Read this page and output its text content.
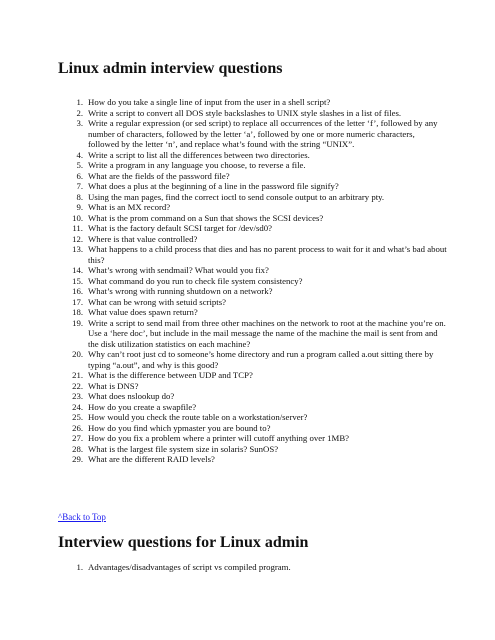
Linux admin interview questions
1. How do you take a single line of input from the user in a shell script?
2. Write a script to convert all DOS style backslashes to UNIX style slashes in a list of files.
3. Write a regular expression (or sed script) to replace all occurrences of the letter ‘f’, followed by any number of characters, followed by the letter ‘a’, followed by one or more numeric characters, followed by the letter ‘n’, and replace what’s found with the string “UNIX”.
4. Write a script to list all the differences between two directories.
5. Write a program in any language you choose, to reverse a file.
6. What are the fields of the password file?
7. What does a plus at the beginning of a line in the password file signify?
8. Using the man pages, find the correct ioctl to send console output to an arbitrary pty.
9. What is an MX record?
10. What is the prom command on a Sun that shows the SCSI devices?
11. What is the factory default SCSI target for /dev/sd0?
12. Where is that value controlled?
13. What happens to a child process that dies and has no parent process to wait for it and what’s bad about this?
14. What’s wrong with sendmail? What would you fix?
15. What command do you run to check file system consistency?
16. What’s wrong with running shutdown on a network?
17. What can be wrong with setuid scripts?
18. What value does spawn return?
19. Write a script to send mail from three other machines on the network to root at the machine you’re on. Use a ‘here doc’, but include in the mail message the name of the machine the mail is sent from and the disk utilization statistics on each machine?
20. Why can’t root just cd to someone’s home directory and run a program called a.out sitting there by typing “a.out”, and why is this good?
21. What is the difference between UDP and TCP?
22. What is DNS?
23. What does nslookup do?
24. How do you create a swapfile?
25. How would you check the route table on a workstation/server?
26. How do you find which ypmaster you are bound to?
27. How do you fix a problem where a printer will cutoff anything over 1MB?
28. What is the largest file system size in solaris? SunOS?
29. What are the different RAID levels?
^Back to Top
Interview questions for Linux admin
1. Advantages/disadvantages of script vs compiled program.
